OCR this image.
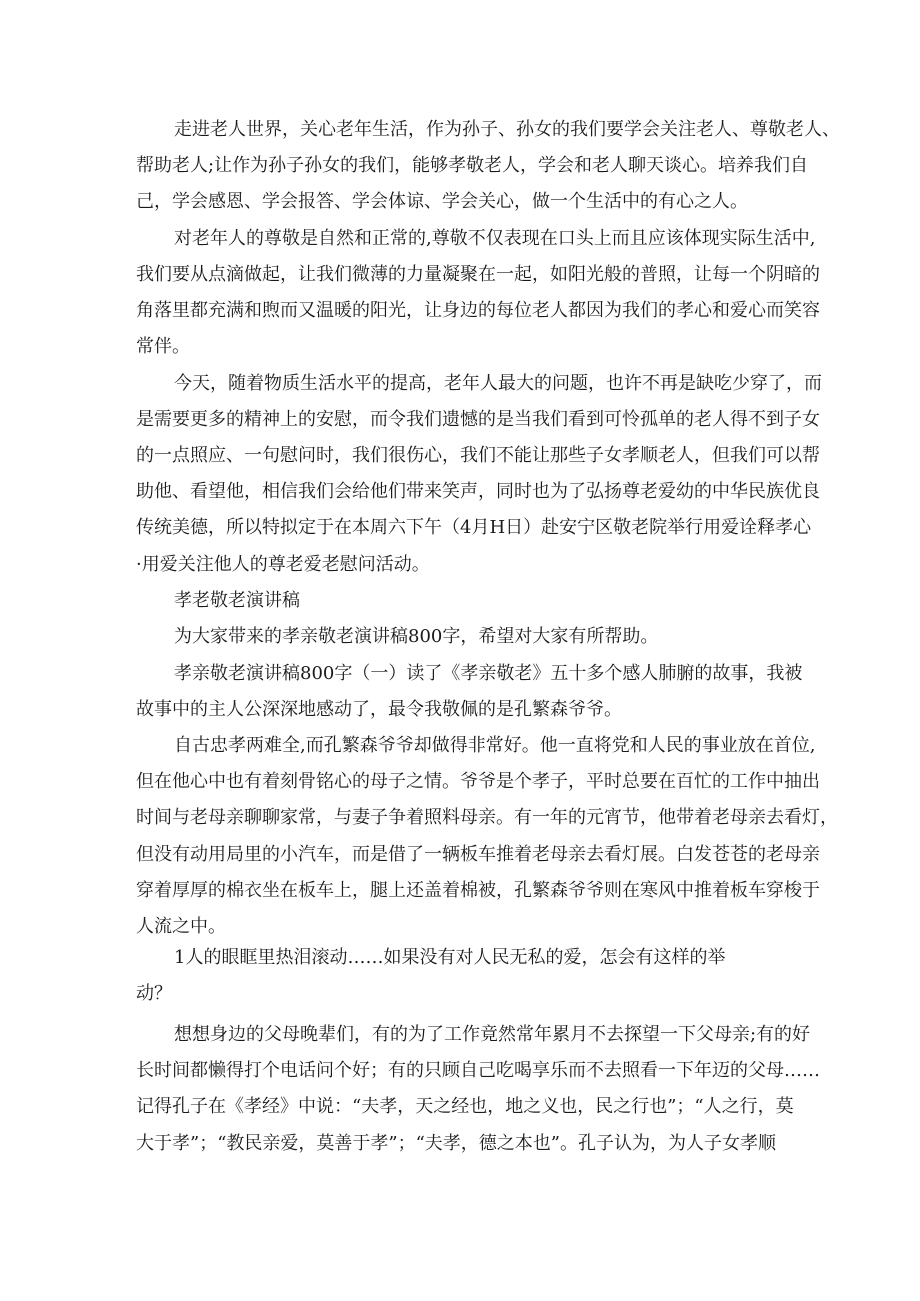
走进老人世界，关心老年生活，作为孙子、孙女的我们要学会关注老人、尊敬老人、
帮助老人;让作为孙子孙女的我们，能够孝敬老人，学会和老人聊天谈心。培养我们自
己，学会感恩、学会报答、学会体谅、学会关心，做一个生活中的有心之人。
对老年人的尊敬是自然和正常的,尊敬不仅表现在口头上而且应该体现实际生活中,
我们要从点滴做起，让我们微薄的力量凝聚在一起，如阳光般的普照，让每一个阴暗的
角落里都充满和煦而又温暖的阳光，让身边的每位老人都因为我们的孝心和爱心而笑容
常伴。
今天，随着物质生活水平的提高，老年人最大的问题，也许不再是缺吃少穿了，而
是需要更多的精神上的安慰，而令我们遗憾的是当我们看到可怜孤单的老人得不到子女
的一点照应、一句慰问时，我们很伤心，我们不能让那些子女孝顺老人，但我们可以帮
助他、看望他，相信我们会给他们带来笑声，同时也为了弘扬尊老爱幼的中华民族优良
传统美德，所以特拟定于在本周六下午（4月H日）赴安宁区敬老院举行用爱诠释孝心
·用爱关注他人的尊老爱老慰问活动。
孝老敬老演讲稿
为大家带来的孝亲敬老演讲稿800字，希望对大家有所帮助。
孝亲敬老演讲稿800字（一）读了《孝亲敬老》五十多个感人肺腑的故事，我被
故事中的主人公深深地感动了，最令我敬佩的是孔繁森爷爷。
自古忠孝两难全,而孔繁森爷爷却做得非常好。他一直将党和人民的事业放在首位,
但在他心中也有着刻骨铭心的母子之情。爷爷是个孝子，平时总要在百忙的工作中抽出
时间与老母亲聊聊家常，与妻子争着照料母亲。有一年的元宵节，他带着老母亲去看灯，
但没有动用局里的小汽车，而是借了一辆板车推着老母亲去看灯展。白发苍苍的老母亲
穿着厚厚的棉衣坐在板车上，腿上还盖着棉被，孔繁森爷爷则在寒风中推着板车穿梭于
人流之中。
1人的眼眶里热泪滚动……如果没有对人民无私的爱，怎会有这样的举
动？
想想身边的父母晚辈们，有的为了工作竟然常年累月不去探望一下父母亲;有的好
长时间都懒得打个电话问个好；有的只顾自己吃喝享乐而不去照看一下年迈的父母……
记得孔子在《孝经》中说：“夫孝，天之经也，地之义也，民之行也”；“人之行，莫
大于孝”；“教民亲爱，莫善于孝”；“夫孝，德之本也”。孔子认为，为人子女孝顺
